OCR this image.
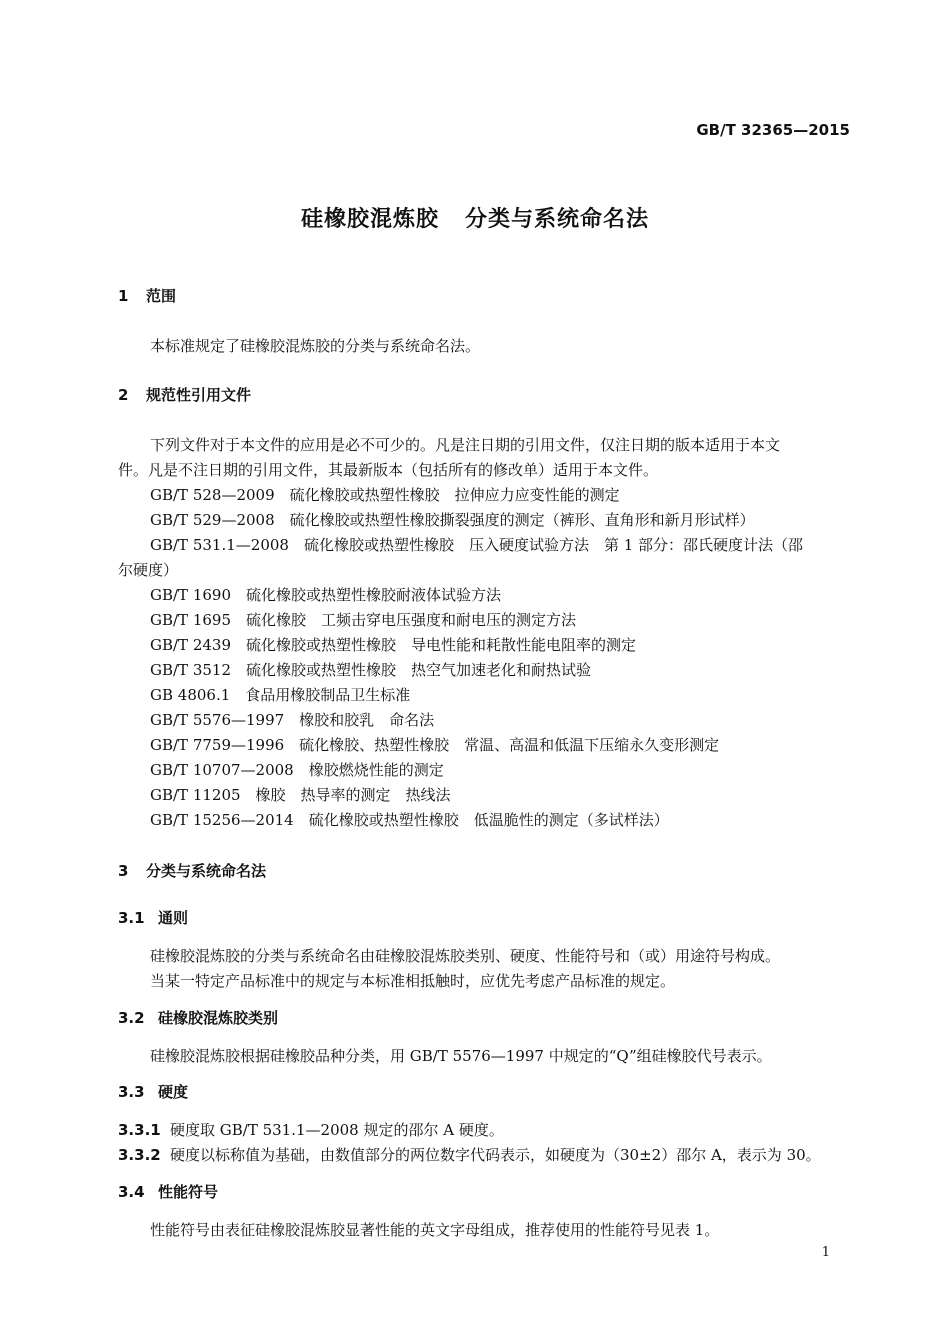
GB/T 32365—2015
硅橡胶混炼胶 分类与系统命名法
1 范围
本标准规定了硅橡胶混炼胶的分类与系统命名法。
2 规范性引用文件
下列文件对于本文件的应用是必不可少的。凡是注日期的引用文件，仅注日期的版本适用于本文
件。凡是不注日期的引用文件，其最新版本（包括所有的修改单）适用于本文件。
GB/T 528—2009　硫化橡胶或热塑性橡胶　拉伸应力应变性能的测定
GB/T 529—2008　硫化橡胶或热塑性橡胶撕裂强度的测定（裤形、直角形和新月形试样）
GB/T 531.1—2008　硫化橡胶或热塑性橡胶　压入硬度试验方法　第 1 部分：邵氏硬度计法（邵
尔硬度）
GB/T 1690　硫化橡胶或热塑性橡胶耐液体试验方法
GB/T 1695　硫化橡胶　工频击穿电压强度和耐电压的测定方法
GB/T 2439　硫化橡胶或热塑性橡胶　导电性能和耗散性能电阻率的测定
GB/T 3512　硫化橡胶或热塑性橡胶　热空气加速老化和耐热试验
GB 4806.1　食品用橡胶制品卫生标准
GB/T 5576—1997　橡胶和胶乳　命名法
GB/T 7759—1996　硫化橡胶、热塑性橡胶　常温、高温和低温下压缩永久变形测定
GB/T 10707—2008　橡胶燃烧性能的测定
GB/T 11205　橡胶　热导率的测定　热线法
GB/T 15256—2014　硫化橡胶或热塑性橡胶　低温脆性的测定（多试样法）
3 分类与系统命名法
3.1 通则
硅橡胶混炼胶的分类与系统命名由硅橡胶混炼胶类别、硬度、性能符号和（或）用途符号构成。
当某一特定产品标准中的规定与本标准相抵触时，应优先考虑产品标准的规定。
3.2 硅橡胶混炼胶类别
硅橡胶混炼胶根据硅橡胶品种分类，用 GB/T 5576—1997 中规定的“Q”组硅橡胶代号表示。
3.3 硬度
3.3.1 硬度取 GB/T 531.1—2008 规定的邵尔 A 硬度。
3.3.2 硬度以标称值为基础，由数值部分的两位数字代码表示，如硬度为（30±2）邵尔 A，表示为 30。
3.4 性能符号
性能符号由表征硅橡胶混炼胶显著性能的英文字母组成，推荐使用的性能符号见表 1。
1
